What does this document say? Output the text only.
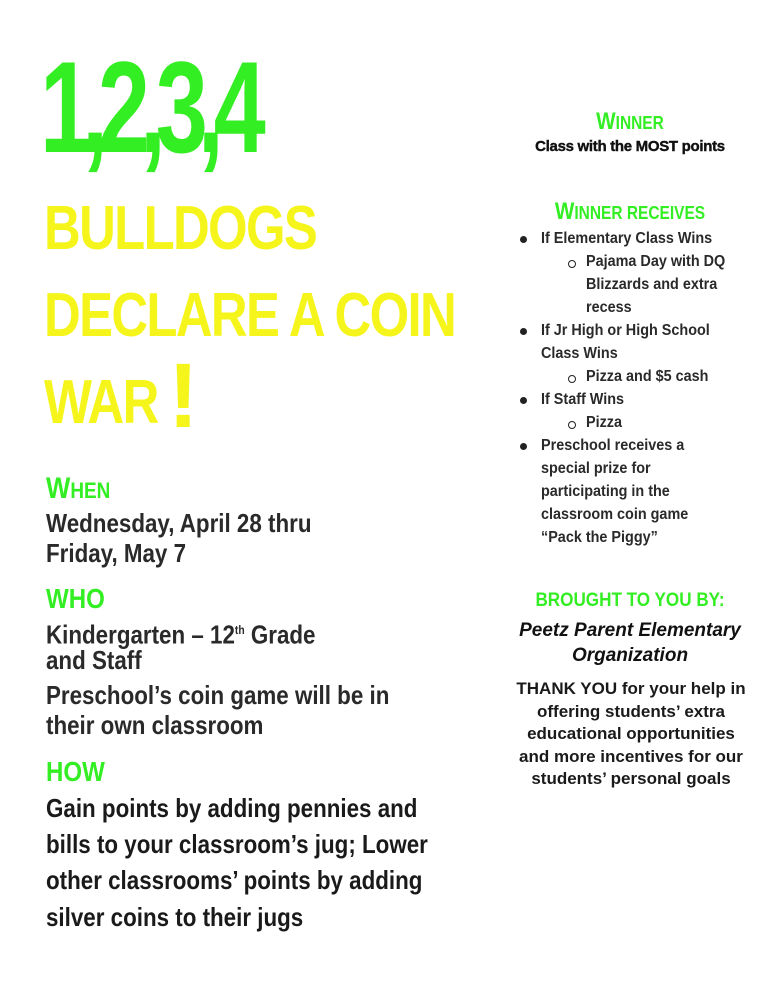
1,2,3,4
BULLDOGS
DECLARE A COIN
WAR !
WHEN
Wednesday, April 28 thru
Friday, May 7
WHO
Kindergarten – 12th Grade
and Staff
Preschool’s coin game will be in
their own classroom
HOW
Gain points by adding pennies and
bills to your classroom’s jug; Lower
other classrooms’ points by adding
silver coins to their jugs
WINNER
Class with the MOST points
WINNER RECEIVES
If Elementary Class Wins
Pajama Day with DQ Blizzards and extra recess
If Jr High or High School Class Wins
Pizza and $5 cash
If Staff Wins
Pizza
Preschool receives a special prize for participating in the classroom coin game “Pack the Piggy”
BROUGHT TO YOU BY:
Peetz Parent Elementary Organization
THANK YOU for your help in offering students’ extra educational opportunities and more incentives for our students’ personal goals
